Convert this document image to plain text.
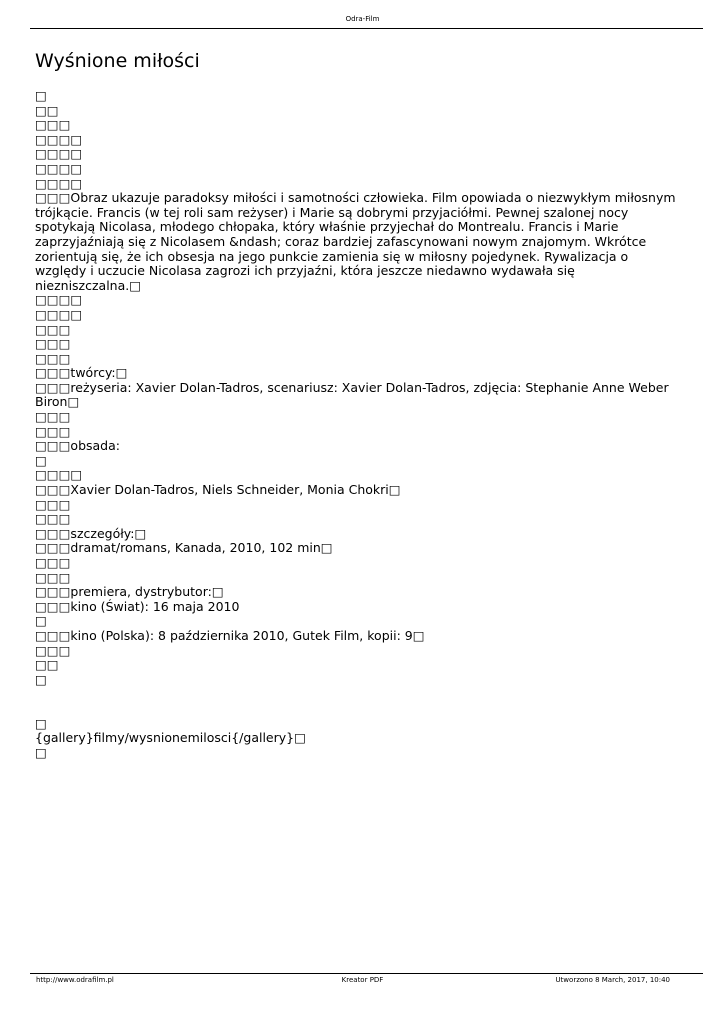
Odra-Film
Wyśnione miłości
□
□□
□□□
□□□□
□□□□
□□□□
□□□□
□□□Obraz ukazuje paradoksy miłości i samotności człowieka. Film opowiada o niezwykłym miłosnym trójkącie. Francis (w tej roli sam reżyser) i Marie są dobrymi przyjaciółmi. Pewnej szalonej nocy spotykają Nicolasa, młodego chłopaka, który właśnie przyjechał do Montrealu. Francis i Marie zaprzyjaźniają się z Nicolasem &ndash; coraz bardziej zafascynowani nowym znajomym. Wkrótce zorientują się, że ich obsesja na jego punkcie zamienia się w miłosny pojedynek. Rywalizacja o względy i uczucie Nicolasa zagrozi ich przyjaźni, która jeszcze niedawno wydawała się niezniszczalna.□
□□□□
□□□□
□□□
□□□
□□□
□□□twórcy:□
□□□reżyseria: Xavier Dolan-Tadros, scenariusz: Xavier Dolan-Tadros, zdjęcia: Stephanie Anne Weber Biron□
□□□
□□□
□□□obsada:
□
□□□□
□□□Xavier Dolan-Tadros, Niels Schneider, Monia Chokri□
□□□
□□□
□□□szczegóły:□
□□□dramat/romans, Kanada, 2010, 102 min□
□□□
□□□
□□□premiera, dystrybutor:□
□□□kino (Świat): 16 maja 2010
□
□□□kino (Polska): 8 października 2010, Gutek Film, kopii: 9□
□□□
□□
□
□
{gallery}filmy/wysnionemilosci{/gallery}□
□
http://www.odrafilm.pl	Kreator PDF	Utworzono 8 March, 2017, 10:40
